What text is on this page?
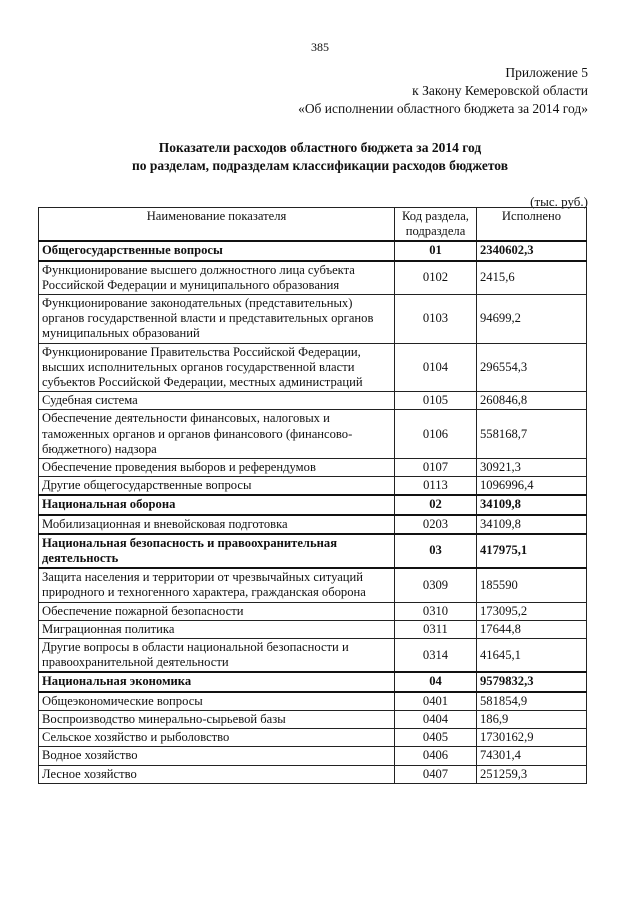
385
Приложение 5
к Закону Кемеровской области
«Об исполнении областного бюджета за 2014 год»
Показатели расходов областного бюджета за 2014 год
по разделам, подразделам классификации расходов бюджетов
(тыс. руб.)
Наименование показателя	Код раздела, подраздела	Исполнено
Общегосударственные вопросы	01	2340602,3
Функционирование высшего должностного лица субъекта Российской Федерации и муниципального образования	0102	2415,6
Функционирование законодательных (представительных) органов государственной власти и представительных органов муниципальных образований	0103	94699,2
Функционирование Правительства Российской Федерации, высших исполнительных органов государственной власти субъектов Российской Федерации, местных администраций	0104	296554,3
Судебная система	0105	260846,8
Обеспечение деятельности финансовых, налоговых и таможенных органов и органов финансового (финансово-бюджетного) надзора	0106	558168,7
Обеспечение проведения выборов и референдумов	0107	30921,3
Другие общегосударственные вопросы	0113	1096996,4
Национальная оборона	02	34109,8
Мобилизационная и вневойсковая подготовка	0203	34109,8
Национальная безопасность и правоохранительная деятельность	03	417975,1
Защита населения и территории от чрезвычайных ситуаций природного и техногенного характера, гражданская оборона	0309	185590
Обеспечение пожарной безопасности	0310	173095,2
Миграционная политика	0311	17644,8
Другие вопросы в области национальной безопасности и правоохранительной деятельности	0314	41645,1
Национальная экономика	04	9579832,3
Общеэкономические вопросы	0401	581854,9
Воспроизводство минерально-сырьевой базы	0404	186,9
Сельское хозяйство и рыболовство	0405	1730162,9
Водное хозяйство	0406	74301,4
Лесное хозяйство	0407	251259,3
